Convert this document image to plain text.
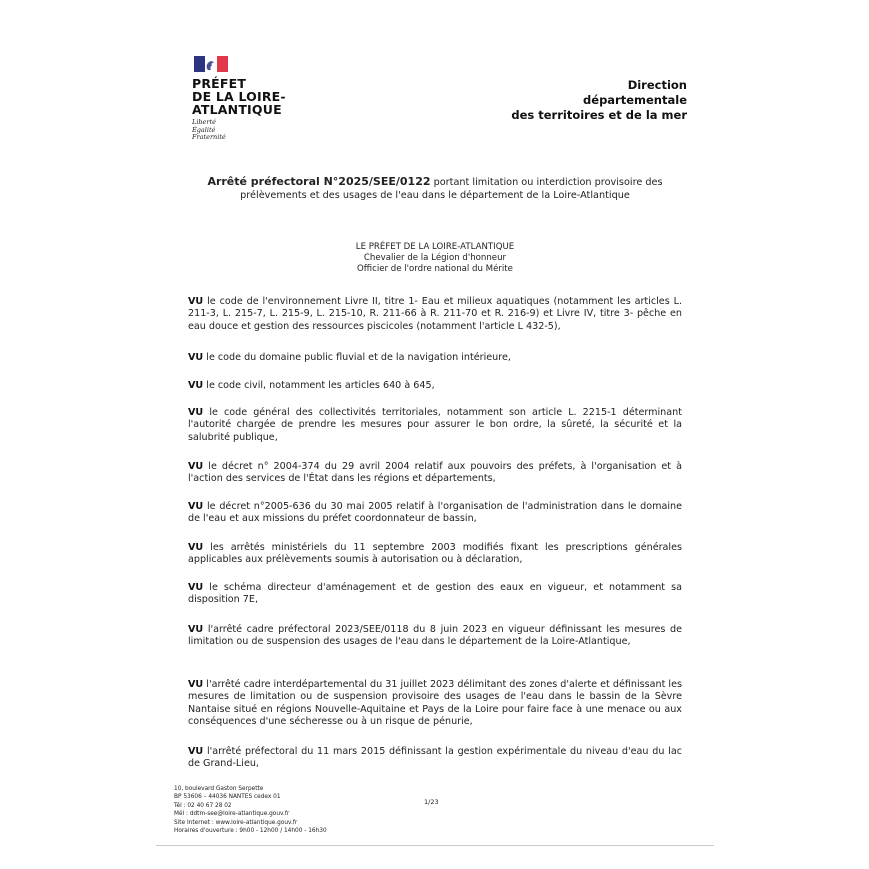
PRÉFET
DE LA LOIRE-
ATLANTIQUE
Liberté
Égalité
Fraternité
Direction
départementale
des territoires et de la mer
Arrêté préfectoral N°2025/SEE/0122 portant limitation ou interdiction provisoire des
prélèvements et des usages de l'eau dans le département de la Loire-Atlantique
LE PRÉFET DE LA LOIRE-ATLANTIQUE
Chevalier de la Légion d'honneur
Officier de l'ordre national du Mérite

VU le code de l'environnement Livre II, titre 1- Eau et milieux aquatiques (notamment les articles L. 211-3, L. 215-7, L. 215-9, L. 215-10, R. 211-66 à R. 211-70 et R. 216-9) et Livre IV, titre 3- pêche en eau douce et gestion des ressources piscicoles (notamment l'article L 432-5),

VU le code du domaine public fluvial et de la navigation intérieure,

VU le code civil, notamment les articles 640 à 645,

VU le code général des collectivités territoriales, notamment son article L. 2215-1 déterminant l'autorité chargée de prendre les mesures pour assurer le bon ordre, la sûreté, la sécurité et la salubrité publique,

VU le décret n° 2004-374 du 29 avril 2004 relatif aux pouvoirs des préfets, à l'organisation et à l'action des services de l'État dans les régions et départements,

VU le décret n°2005-636 du 30 mai 2005 relatif à l'organisation de l'administration dans le domaine de l'eau et aux missions du préfet coordonnateur de bassin,

VU les arrêtés ministériels du 11 septembre 2003 modifiés fixant les prescriptions générales applicables aux prélèvements soumis à autorisation ou à déclaration,

VU le schéma directeur d'aménagement et de gestion des eaux en vigueur, et notamment sa disposition 7E,

VU l'arrêté cadre préfectoral 2023/SEE/0118 du 8 juin 2023 en vigueur définissant les mesures de limitation ou de suspension des usages de l'eau dans le département de la Loire-Atlantique,

VU l'arrêté cadre interdépartemental du 31 juillet 2023 délimitant des zones d'alerte et définissant les mesures de limitation ou de suspension provisoire des usages de l'eau dans le bassin de la Sèvre Nantaise situé en régions Nouvelle-Aquitaine et Pays de la Loire pour faire face à une menace ou aux conséquences d'une sécheresse ou à un risque de pénurie,

VU l'arrêté préfectoral du 11 mars 2015 définissant la gestion expérimentale du niveau d'eau du lac de Grand-Lieu,

10, boulevard Gaston Serpette
BP 53606 – 44036 NANTES cedex 01
Tél : 02 40 67 28 02
Mél : ddtm-see@loire-atlantique.gouv.fr
Site Internet : www.loire-atlantique.gouv.fr
Horaires d'ouverture : 9h00 - 12h00 / 14h00 - 16h30
1/23
